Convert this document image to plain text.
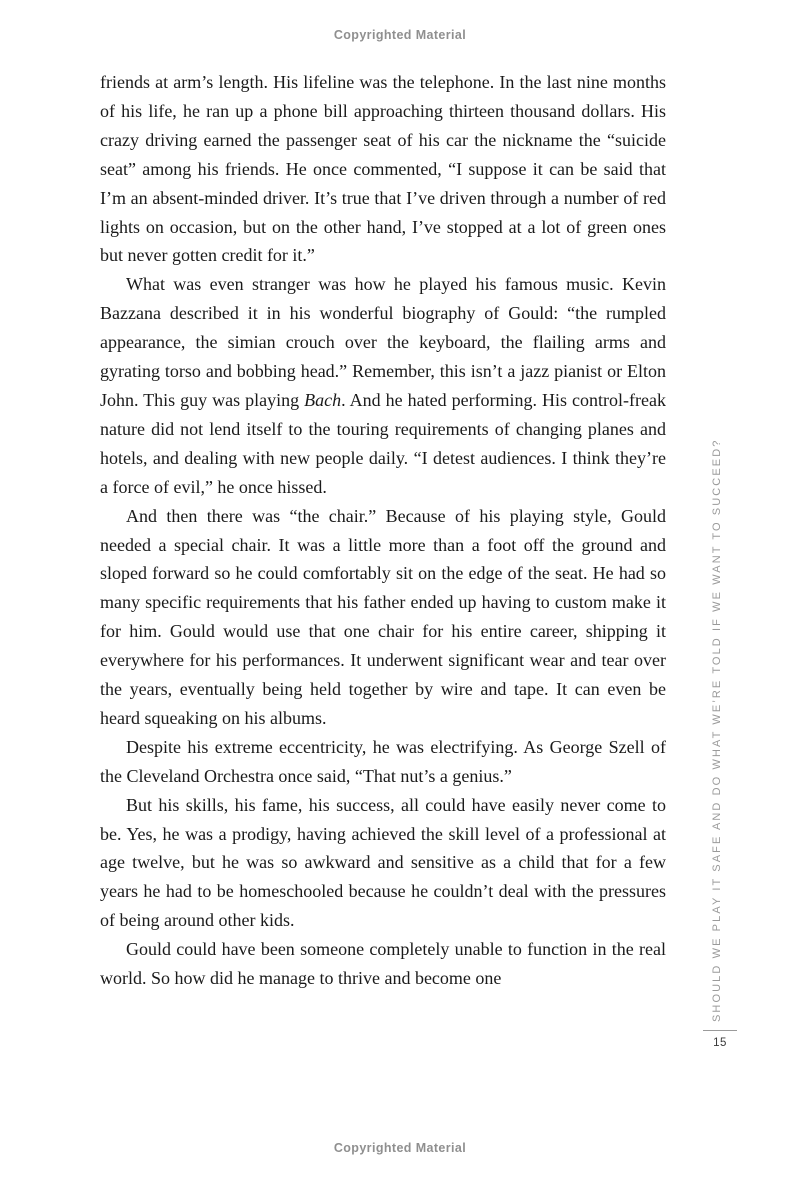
Copyrighted Material

friends at arm’s length. His lifeline was the telephone. In the last nine months of his life, he ran up a phone bill approaching thirteen thousand dollars. His crazy driving earned the passenger seat of his car the nickname the “suicide seat” among his friends. He once commented, “I suppose it can be said that I’m an absent-minded driver. It’s true that I’ve driven through a number of red lights on occasion, but on the other hand, I’ve stopped at a lot of green ones but never gotten credit for it.”

What was even stranger was how he played his famous music. Kevin Bazzana described it in his wonderful biography of Gould: “the rumpled appearance, the simian crouch over the keyboard, the flailing arms and gyrating torso and bobbing head.” Remember, this isn’t a jazz pianist or Elton John. This guy was playing Bach. And he hated performing. His control-freak nature did not lend itself to the touring requirements of changing planes and hotels, and dealing with new people daily. “I detest audiences. I think they’re a force of evil,” he once hissed.

And then there was “the chair.” Because of his playing style, Gould needed a special chair. It was a little more than a foot off the ground and sloped forward so he could comfortably sit on the edge of the seat. He had so many specific requirements that his father ended up having to custom make it for him. Gould would use that one chair for his entire career, shipping it everywhere for his performances. It underwent significant wear and tear over the years, eventually being held together by wire and tape. It can even be heard squeaking on his albums.

Despite his extreme eccentricity, he was electrifying. As George Szell of the Cleveland Orchestra once said, “That nut’s a genius.”

But his skills, his fame, his success, all could have easily never come to be. Yes, he was a prodigy, having achieved the skill level of a professional at age twelve, but he was so awkward and sensitive as a child that for a few years he had to be homeschooled because he couldn’t deal with the pressures of being around other kids.

Gould could have been someone completely unable to function in the real world. So how did he manage to thrive and become one	SHOULD WE PLAY IT SAFE AND DO WHAT WE’RE TOLD IF WE WANT TO SUCCEED?
15
Copyrighted Material
